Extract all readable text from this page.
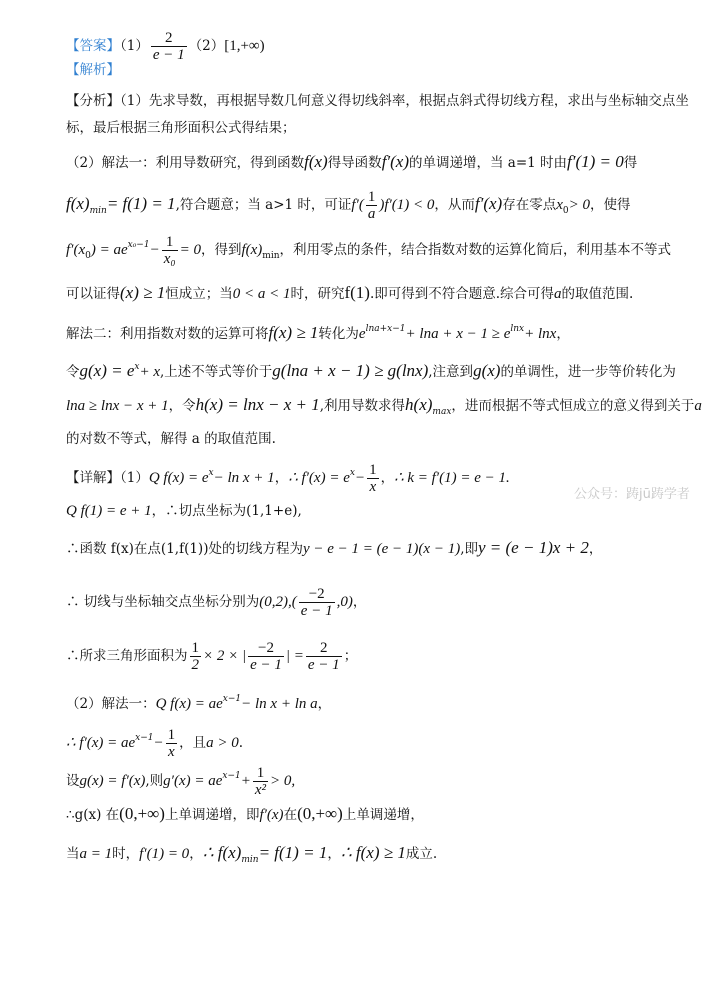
【答案】$(1) \frac{2}{e - 1} (2)[1,+\infty)$
【解析】
【分析】（1）先求导数，再根据导数几何意义得切线斜率，根据点斜式得切线方程，求出与坐标轴交点坐
标，最后根据三角形面积公式得结果；
（2）解法一：利用导数研究，得到函数f(x)得导函数f′(x)的单调递增，当 a=1 时由f′(1) = 0得
$f(x)_{min}= f(1) = 1$,符合题意；当 a>1 时，可证$f'( \frac{1}{a} )f'(1) < 0$，从而f′(x)存在零点$x_0> 0$，使得
$f'(x_0) = ae^{x_0-1}- \frac{1}{\text{x₀}} = 0$，得到$f(x)_{min}$，利用零点的条件，结合指数对数的运算化简后，利用基本不等式
可以证得(x) ≥ 1恒成立；当0 < a < 1时，研究f(1).即可得到不符合题意.综合可得a的取值范围.
解法二：利用指数对数的运算可将f(x) ≥ 1转化为$e^{lna+x-1}+ \ln a + x - 1 \ge e^{lnx}+ \ln x$，
令$g(x) = e^x+ x$,上述不等式等价于g(lna + x − 1) ≥ g(lnx),注意到g(x)的单调性，进一步等价转化为
lna ≥ lnx − x + 1，令h(x) = lnx − x + 1,利用导数求得$h(x)_{max}$，进而根据不等式恒成立的意义得到关于a
的对数不等式，解得 a 的取值范围.
【详解】（1）Q $f(x) = e^x- \ln x + 1$，∴ $f'(x) = e^x- \frac{1}{x}$ ，∴ k = f′(1) = e − 1.
公众号：踌jū踌学者
Q f(1) = e + 1，∴切点坐标为(1,1+e),
∴函数 f(x)在点(1,f(1))处的切线方程为y − e − 1 = (e − 1)(x − 1),即y = (e − 1)x + 2，
∴ 切线与坐标轴交点坐标分别为$(0,2),( \frac{-2}{e - 1} ,0)$，
∴所求三角形面积为 $\frac{1}{2} \times 2$ × | $\frac{-2}{e - 1}$ | = $\frac{2}{e - 1}$ ；
（2）解法一：Q $f(x) = ae^{x-1}- \ln x + \ln a$，
∴ $f'(x) = ae^{x-1}- \frac{1}{x}$ ，且a > 0.
设g(x) = f′(x),则$g'(x) = ae^{x-1}+ \frac{1}{\text{x²}} > 0$,
∴g(x) 在(0,+∞)上单调递增，即f′(x)在(0,+∞)上单调递增，
当a = 1时，f′(1) = 0，∴ $f(x)_{min}= f(1) = 1$，∴ f(x) ≥ 1成立.
